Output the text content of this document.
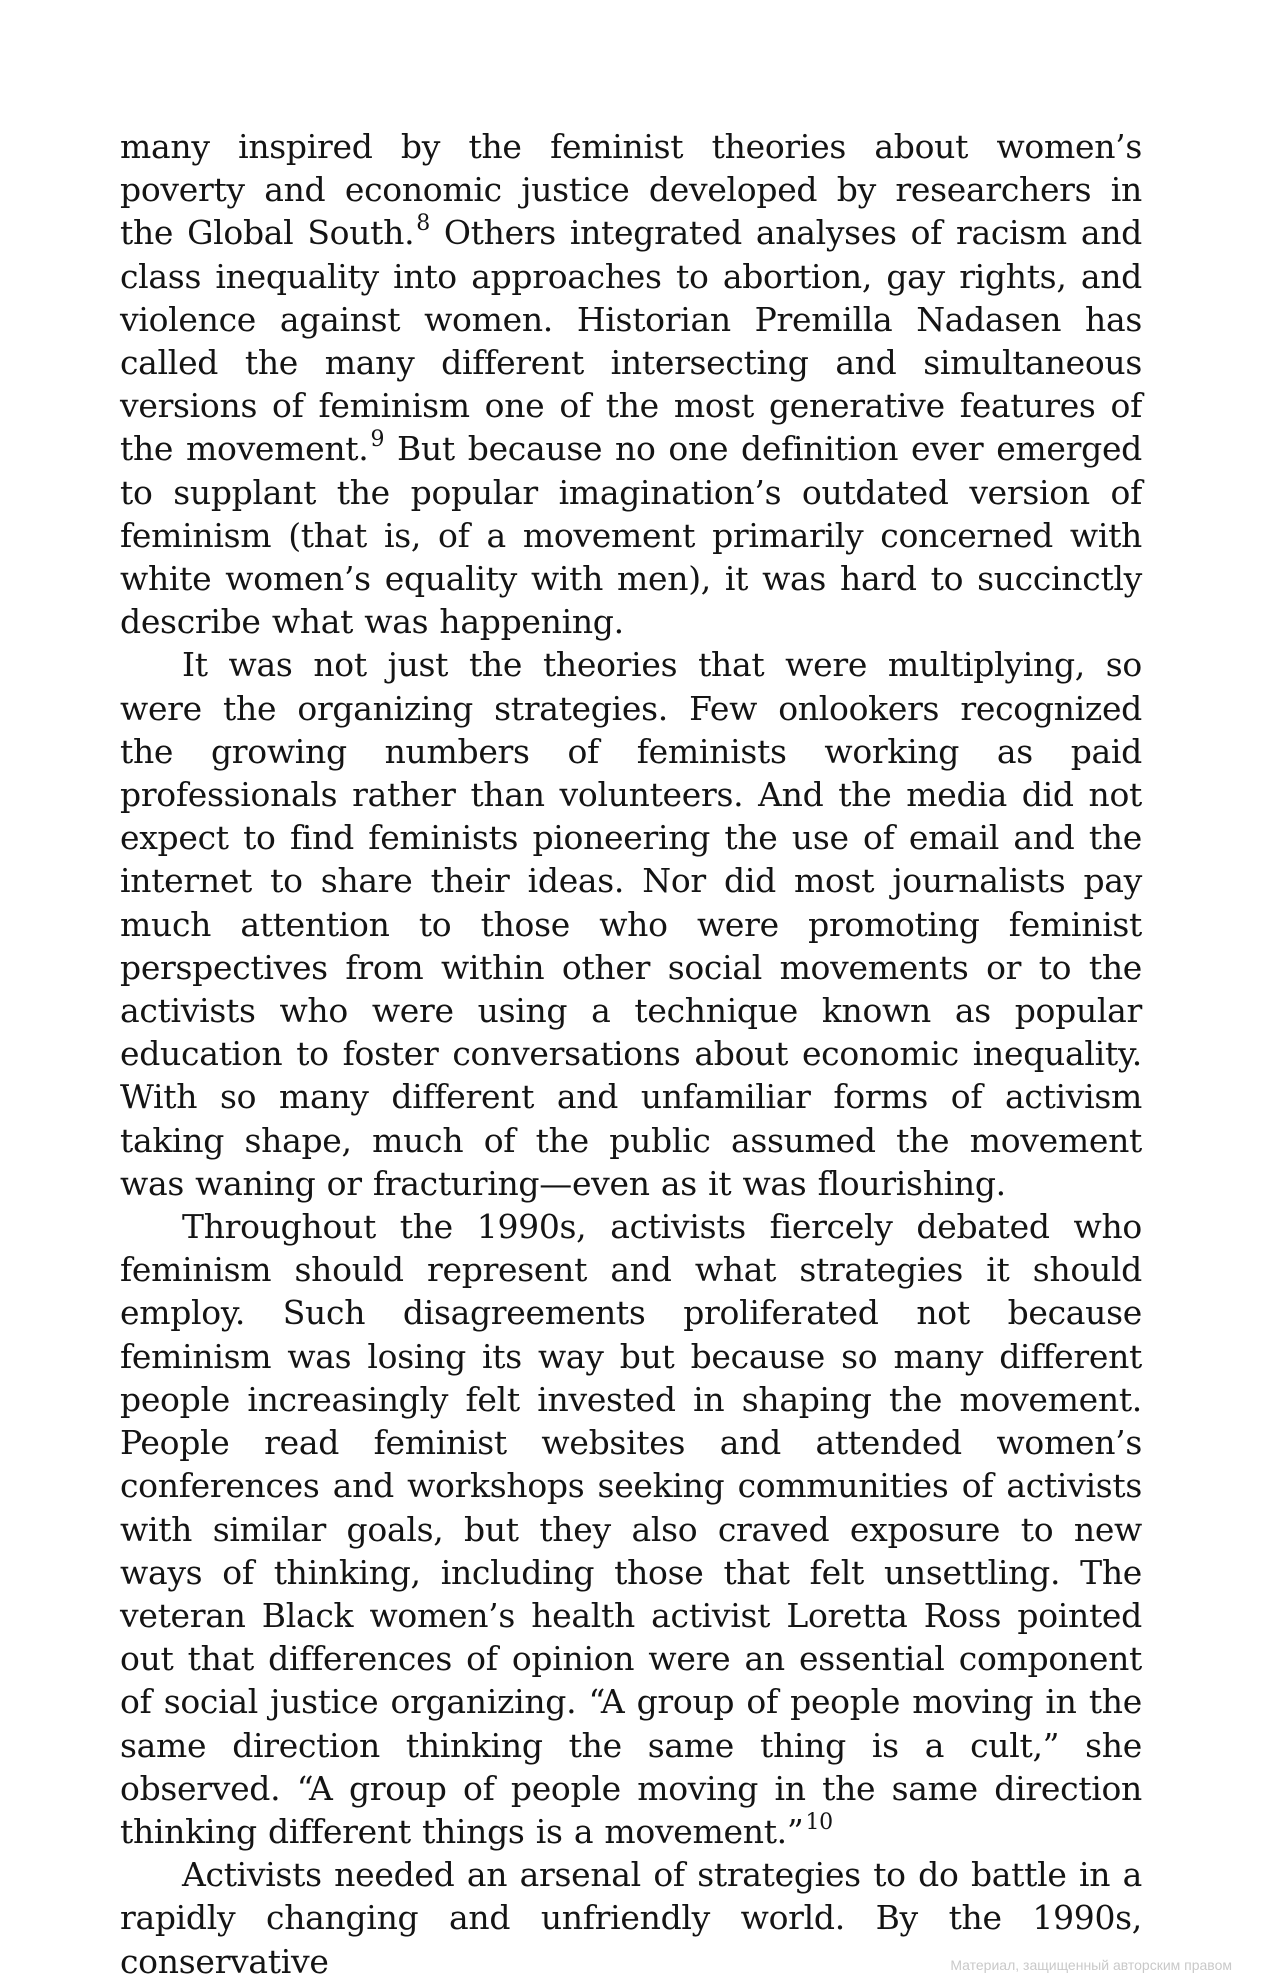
many inspired by the feminist theories about women’s poverty and economic justice developed by researchers in the Global South.$^8$ Others integrated analyses of racism and class inequality into approaches to abortion, gay rights, and violence against women. Historian Premilla Nadasen has called the many different intersecting and simultaneous versions of feminism one of the most generative features of the movement.$^9$ But because no one definition ever emerged to supplant the popular imagination’s outdated version of feminism (that is, of a movement primarily concerned with white women’s equality with men), it was hard to succinctly describe what was happening.

It was not just the theories that were multiplying, so were the organizing strategies. Few onlookers recognized the growing numbers of feminists working as paid professionals rather than volunteers. And the media did not expect to find feminists pioneering the use of email and the internet to share their ideas. Nor did most journalists pay much attention to those who were promoting feminist perspectives from within other social movements or to the activists who were using a technique known as popular education to foster conversations about economic inequality. With so many different and unfamiliar forms of activism taking shape, much of the public assumed the movement was waning or fracturing—even as it was flourishing.

Throughout the 1990s, activists fiercely debated who feminism should represent and what strategies it should employ. Such disagreements proliferated not because feminism was losing its way but because so many different people increasingly felt invested in shaping the movement. People read feminist websites and attended women’s conferences and workshops seeking communities of activists with similar goals, but they also craved exposure to new ways of thinking, including those that felt unsettling. The veteran Black women’s health activist Loretta Ross pointed out that differences of opinion were an essential component of social justice organizing. “A group of people moving in the same direction thinking the same thing is a cult,” she observed. “A group of people moving in the same direction thinking different things is a movement.”$^{10}$

Activists needed an arsenal of strategies to do battle in a rapidly changing and unfriendly world. By the 1990s, conservative	Материал, защищенный авторским правом
